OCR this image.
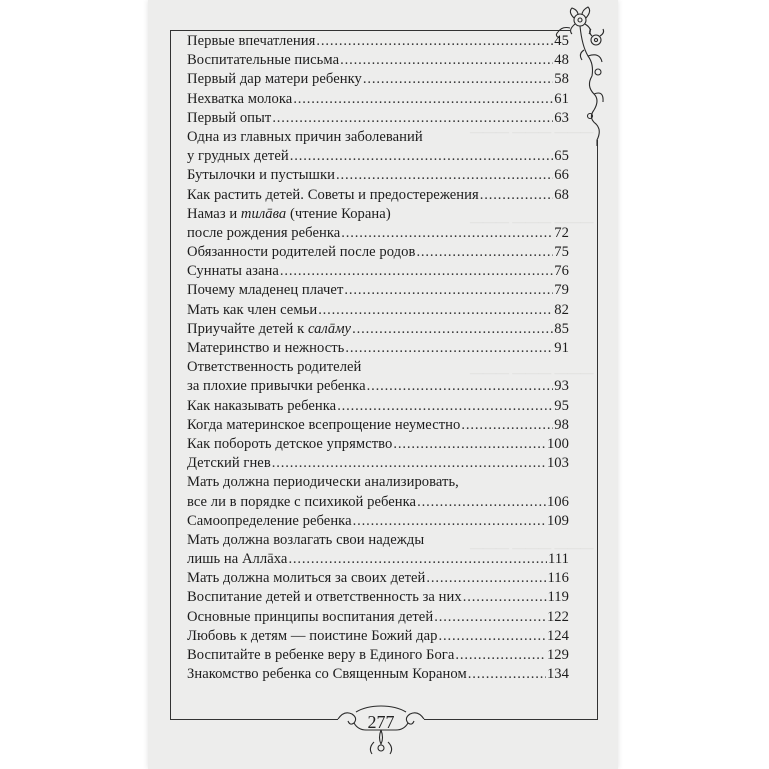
277
——— ——— ———
——— ——— ———
——— ——— ———
——— ——— ———
Первые впечатления . . .	45
Воспитательные письма . . .	48
Первый дар матери ребенку . . .	58
Нехватка молока . . .	61
Первый опыт . . .	63
Одна из главных причин заболеваний
у грудных детей . . .	65
Бутылочки и пустышки . . .	66
Как растить детей. Советы и предостережения . . .	68
Намаз и тилāва (чтение Корана)
после рождения ребенка . . .	72
Обязанности родителей после родов . . .	75
Суннаты азана . . .	76
Почему младенец плачет . . .	79
Мать как член семьи . . .	82
Приучайте детей к салāму . . .	85
Материнство и нежность . . .	91
Ответственность родителей
за плохие привычки ребенка . . .	93
Как наказывать ребенка . . .	95
Когда материнское всепрощение неуместно . . .	98
Как побороть детское упрямство . . .	100
Детский гнев . . .	103
Мать должна периодически анализировать,
все ли в порядке с психикой ребенка . . .	106
Самоопределение ребенка . . .	109
Мать должна возлагать свои надежды
лишь на Аллāха . . .	111
Мать должна молиться за своих детей . . .	116
Воспитание детей и ответственность за них . . .	119
Основные принципы воспитания детей . . .	122
Любовь к детям — поистине Божий дар . . .	124
Воспитайте в ребенке веру в Единого Бога . . .	129
Знакомство ребенка со Священным Кораном . . .	134
